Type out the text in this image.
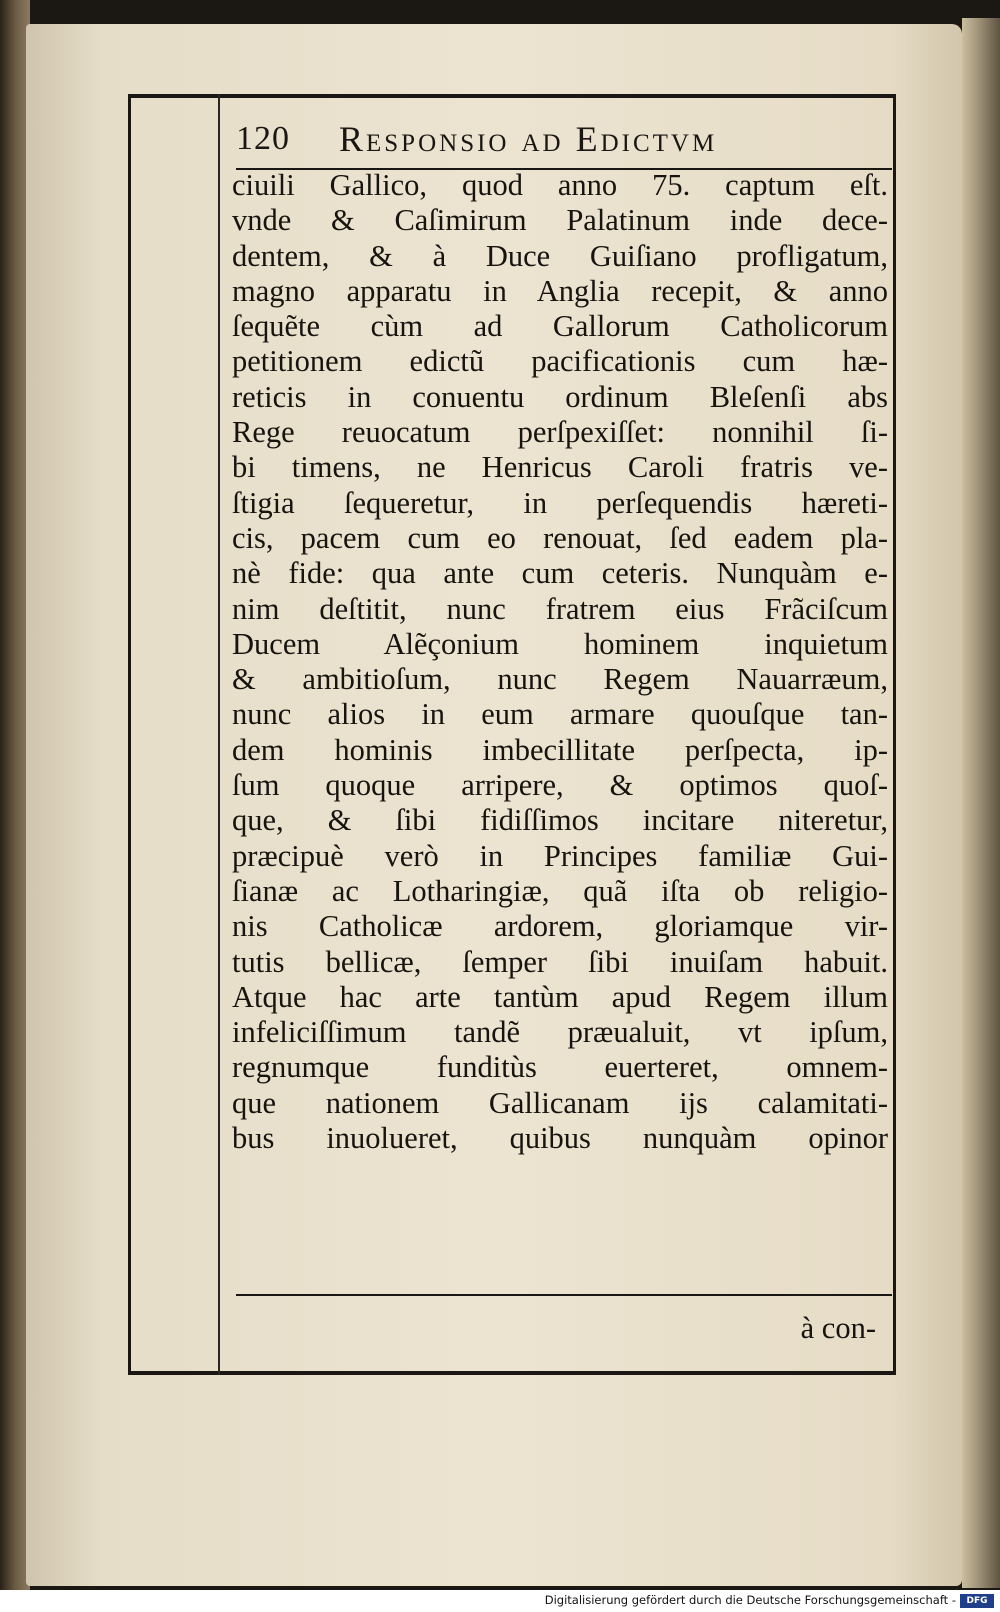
120 Responsio ad Edictvm
ciuili Gallico, quod anno 75. captum eſt.
vnde & Caſimirum Palatinum inde dece-
dentem, & à Duce Guiſiano profligatum,
magno apparatu in Anglia recepit, & anno
ſequẽte cùm ad Gallorum Catholicorum
petitionem edictũ pacificationis cum hæ-
reticis in conuentu ordinum Bleſenſi abs
Rege reuocatum perſpexiſſet: nonnihil ſi-
bi timens, ne Henricus Caroli fratris ve-
ſtigia ſequeretur, in perſequendis hæreti-
cis, pacem cum eo renouat, ſed eadem pla-
nè fide: qua ante cum ceteris. Nunquàm e-
nim deſtitit, nunc fratrem eius Frãciſcum
Ducem Alẽçonium hominem inquietum
& ambitioſum, nunc Regem Nauarræum,
nunc alios in eum armare quouſque tan-
dem hominis imbecillitate perſpecta, ip-
ſum quoque arripere, & optimos quoſ-
que, & ſibi fidiſſimos incitare niteretur,
præcipuè verò in Principes familiæ Gui-
ſianæ ac Lotharingiæ, quã iſta ob religio-
nis Catholicæ ardorem, gloriamque vir-
tutis bellicæ, ſemper ſibi inuiſam habuit.
Atque hac arte tantùm apud Regem illum
infeliciſſimum tandẽ præualuit, vt ipſum,
regnumque funditùs euerteret, omnem-
que nationem Gallicanam ijs calamitati-
bus inuolueret, quibus nunquàm opinor
à con-
Digitalisierung gefördert durch die Deutsche Forschungsgemeinschaft -	DFG
